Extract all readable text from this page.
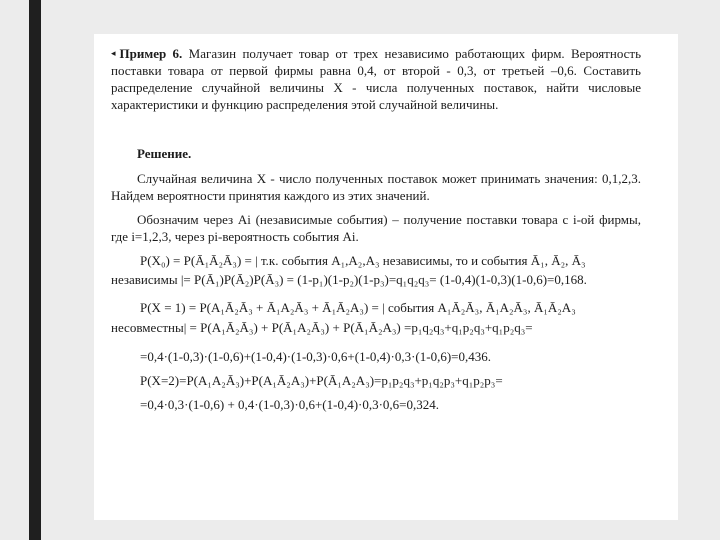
◂ Пример 6. Магазин получает товар от трех независимо работающих фирм. Вероятность поставки товара от первой фирмы равна 0,4, от второй - 0,3, от третьей –0,6. Составить распределение случайной величины X - числа полученных поставок, найти числовые характеристики и функцию распределения этой случайной величины.
Решение.
Случайная величина X - число полученных поставок может принимать значения: 0,1,2,3. Найдем вероятности принятия каждого из этих значений.
Обозначим через Ai (независимые события) – получение поставки товара с i-ой фирмы, где i=1,2,3, через pi-вероятность события Ai.
P(X₀) = P(Ā₁Ā₂Ā₃) = | т.к. события A₁,A₂,A₃ независимы, то и события Ā₁, Ā₂, Ā₃
независимы |= P(Ā₁)P(Ā₂)P(Ā₃) = (1-p₁)(1-p₂)(1-p₃)=q₁q₂q₃= (1-0,4)(1-0,3)(1-0,6)=0,168.
P(X = 1) = P(A₁Ā₂Ā₃ + Ā₁A₂Ā₃ + Ā₁Ā₂A₃) = | события A₁Ā₂Ā₃, Ā₁A₂Ā₃, Ā₁Ā₂A₃
несовместны| = P(A₁Ā₂Ā₃) + P(Ā₁A₂Ā₃) + P(Ā₁Ā₂A₃) =p₁q₂q₃+q₁p₂q₃+q₁p₂q₃=
=0,4·(1-0,3)·(1-0,6)+(1-0,4)·(1-0,3)·0,6+(1-0,4)·0,3·(1-0,6)=0,436.
P(X=2)=P(A₁A₂Ā₃)+P(A₁Ā₂A₃)+P(Ā₁A₂A₃)=p₁p₂q₃+p₁q₂p₃+q₁p₂p₃=
=0,4·0,3·(1-0,6) + 0,4·(1-0,3)·0,6+(1-0,4)·0,3·0,6=0,324.
